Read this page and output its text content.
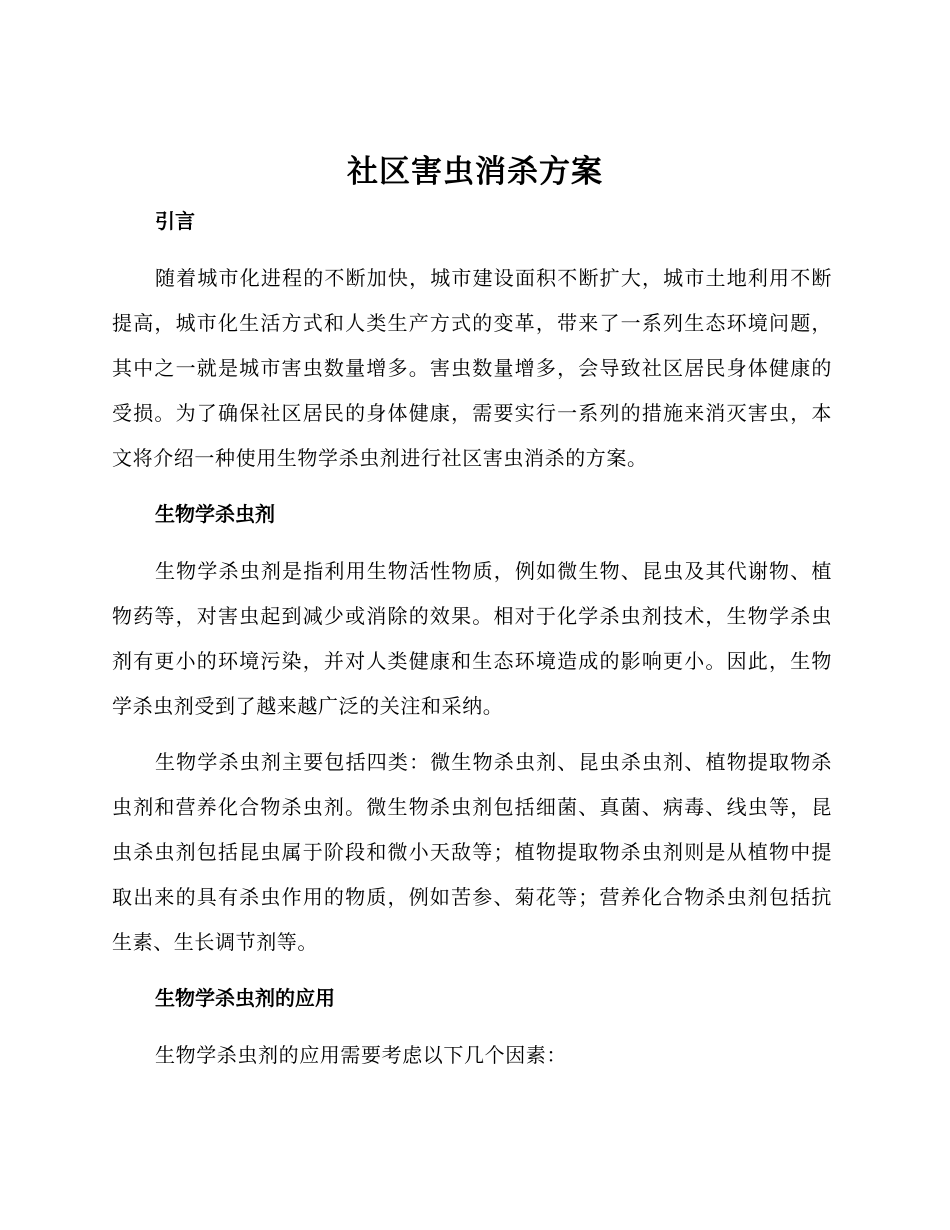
社区害虫消杀方案
引言

随着城市化进程的不断加快，城市建设面积不断扩大，城市土地利用不断提高，城市化生活方式和人类生产方式的变革，带来了一系列生态环境问题，其中之一就是城市害虫数量增多。害虫数量增多，会导致社区居民身体健康的受损。为了确保社区居民的身体健康，需要实行一系列的措施来消灭害虫，本文将介绍一种使用生物学杀虫剂进行社区害虫消杀的方案。

生物学杀虫剂

生物学杀虫剂是指利用生物活性物质，例如微生物、昆虫及其代谢物、植物药等，对害虫起到减少或消除的效果。相对于化学杀虫剂技术，生物学杀虫剂有更小的环境污染，并对人类健康和生态环境造成的影响更小。因此，生物学杀虫剂受到了越来越广泛的关注和采纳。

生物学杀虫剂主要包括四类：微生物杀虫剂、昆虫杀虫剂、植物提取物杀虫剂和营养化合物杀虫剂。微生物杀虫剂包括细菌、真菌、病毒、线虫等，昆虫杀虫剂包括昆虫属于阶段和微小天敌等；植物提取物杀虫剂则是从植物中提取出来的具有杀虫作用的物质，例如苦参、菊花等；营养化合物杀虫剂包括抗生素、生长调节剂等。

生物学杀虫剂的应用

生物学杀虫剂的应用需要考虑以下几个因素：
